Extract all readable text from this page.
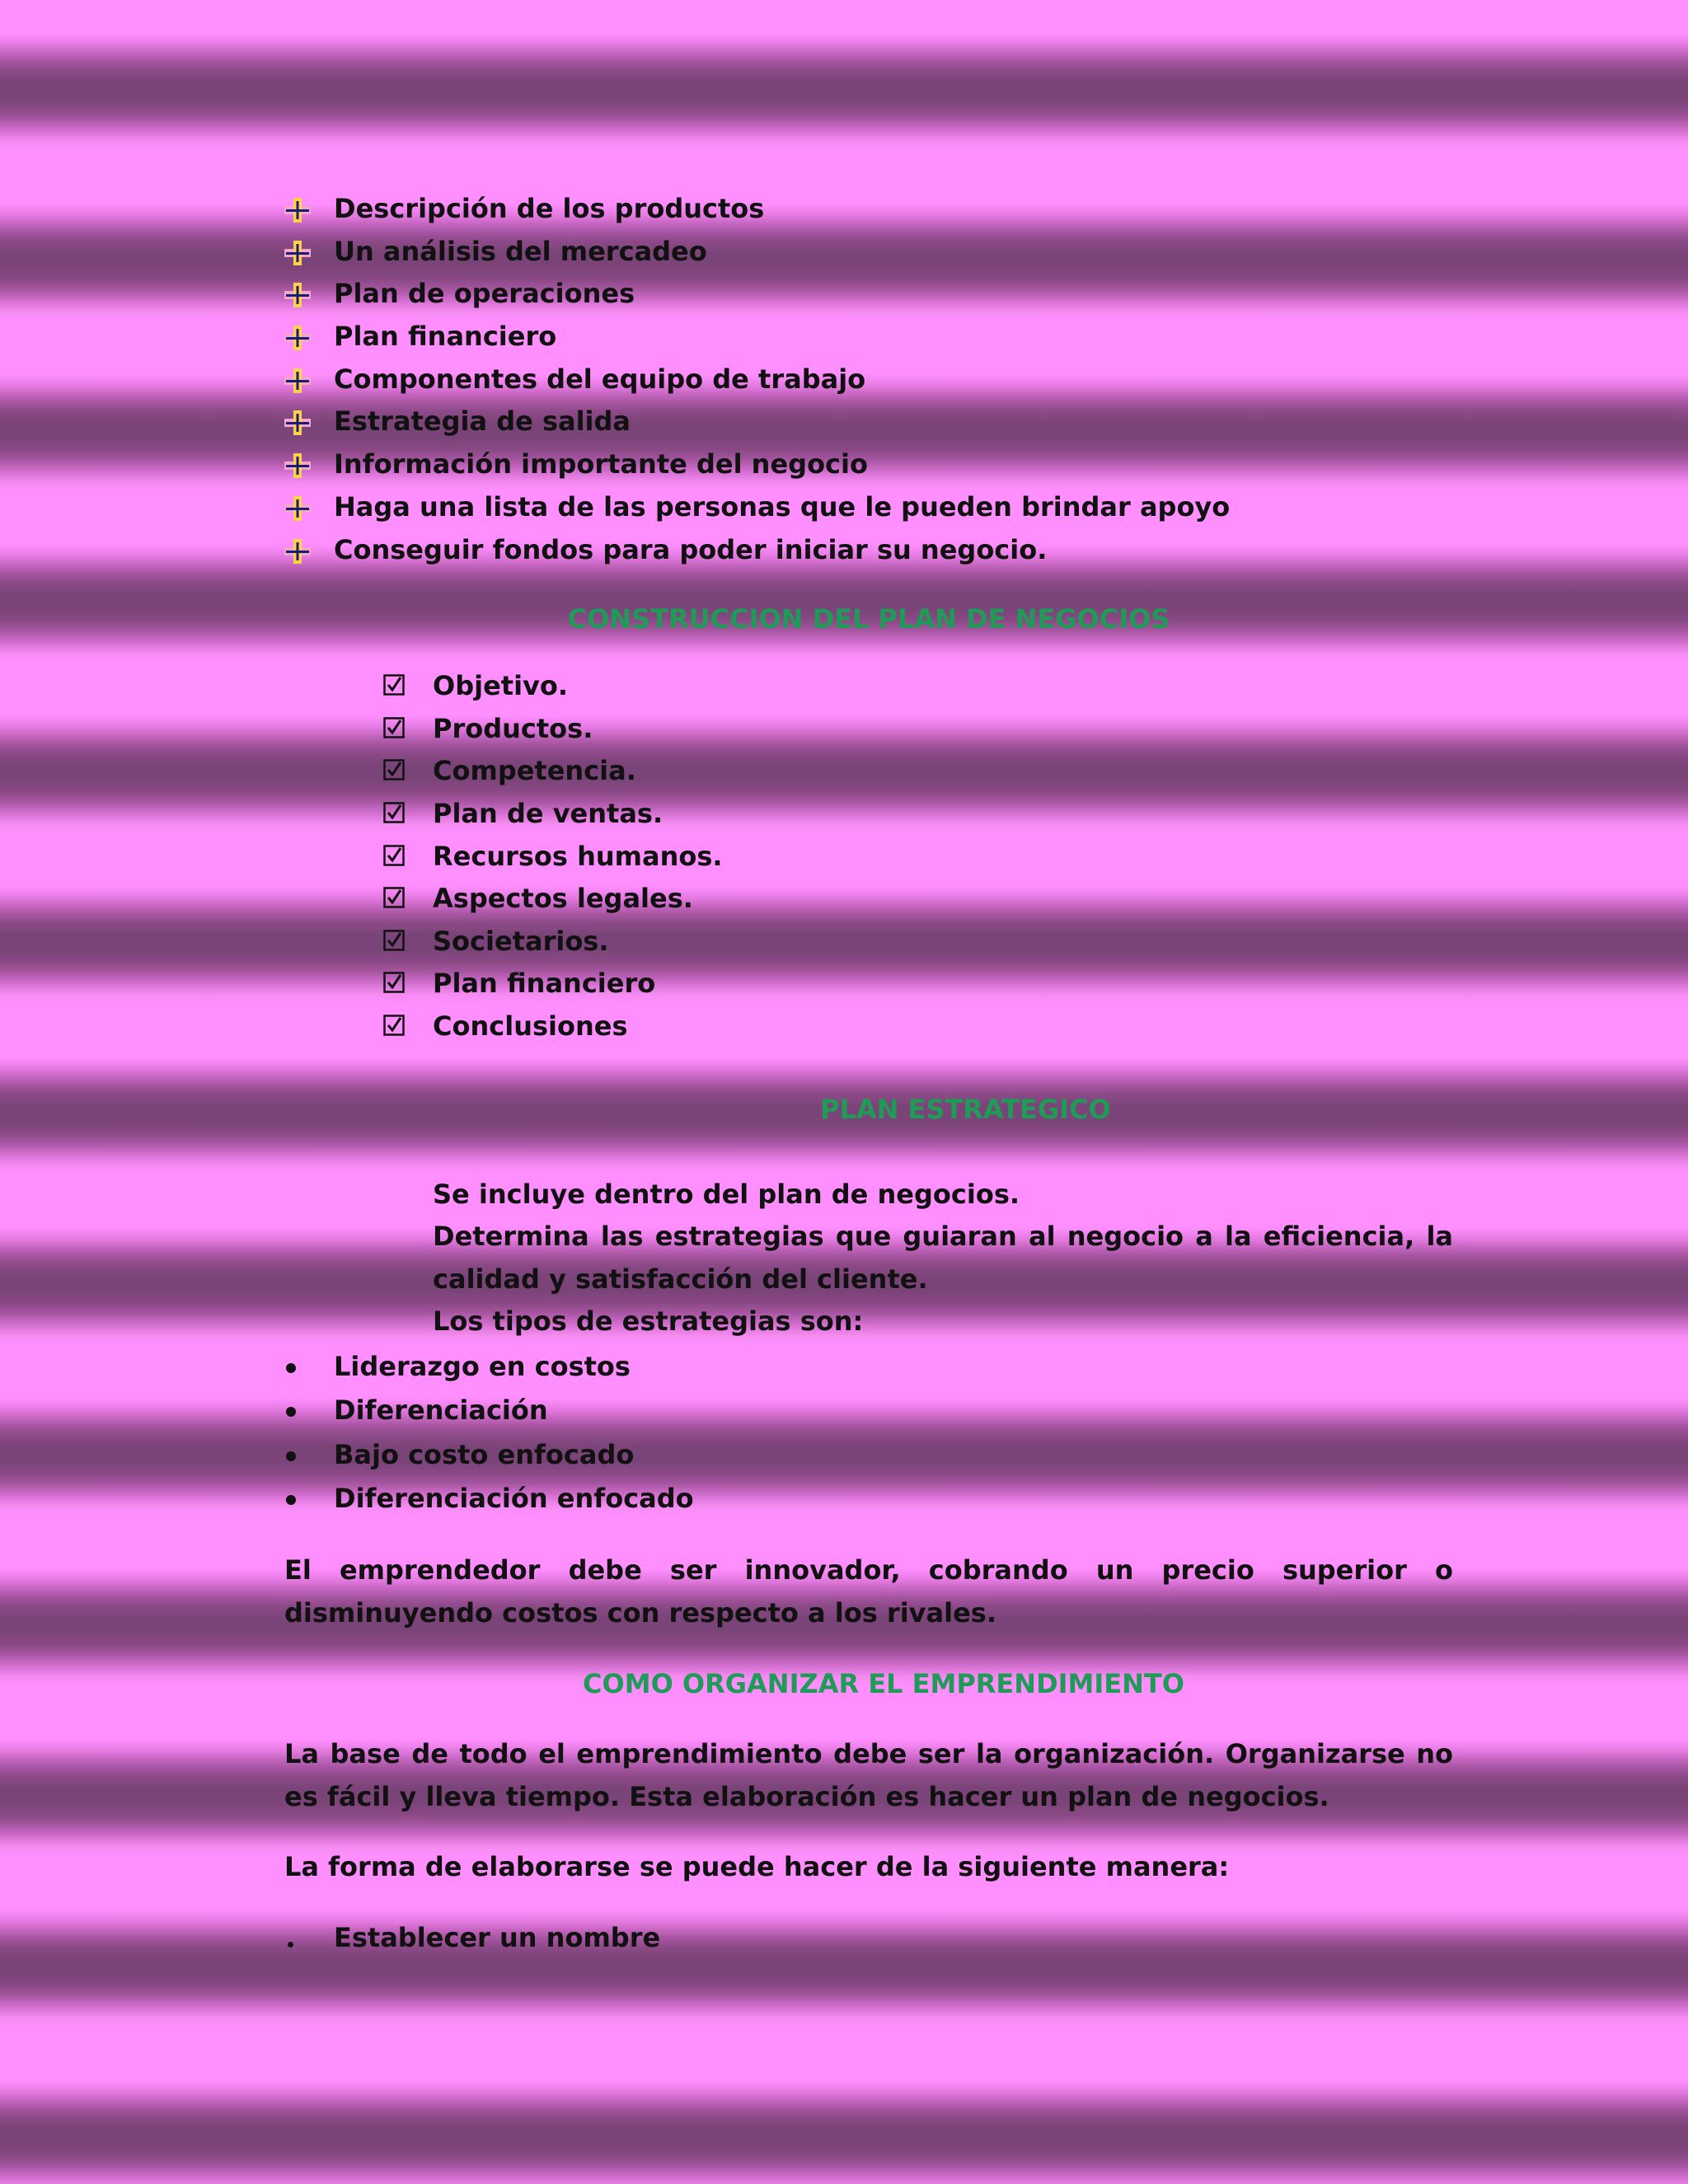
Descripción de los productos
Un análisis del mercadeo
Plan de operaciones
Plan financiero
Componentes del equipo de trabajo
Estrategia de salida
Información importante del negocio
Haga una lista de las personas que le pueden brindar apoyo
Conseguir fondos para poder iniciar su negocio.
CONSTRUCCION DEL PLAN DE NEGOCIOS
Objetivo.
Productos.
Competencia.
Plan de ventas.
Recursos humanos.
Aspectos legales.
Societarios.
Plan financiero
Conclusiones
PLAN ESTRATEGICO

Se incluye dentro del plan de negocios.

Determina las estrategias que guiaran al negocio a la eficiencia, la calidad y satisfacción del cliente.

Los tipos de estrategias son:

Liderazgo en costos
Diferenciación
Bajo costo enfocado
Diferenciación enfocado

El emprendedor debe ser innovador, cobrando un precio superior o disminuyendo costos con respecto a los rivales.

COMO ORGANIZAR EL EMPRENDIMIENTO

La base de todo el emprendimiento debe ser la organización. Organizarse no es fácil y lleva tiempo. Esta elaboración es hacer un plan de negocios.

La forma de elaborarse se puede hacer de la siguiente manera:

Establecer un nombre
